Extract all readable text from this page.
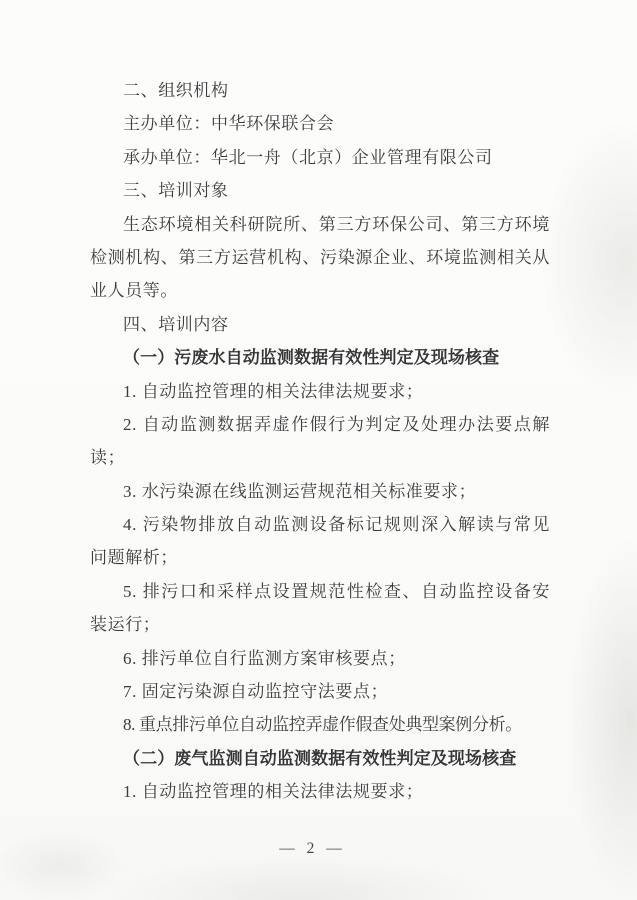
二、组织机构
主办单位：中华环保联合会
承办单位：华北一舟（北京）企业管理有限公司
三、培训对象
生态环境相关科研院所、第三方环保公司、第三方环境
检测机构、第三方运营机构、污染源企业、环境监测相关从
业人员等。
四、培训内容
（一）污废水自动监测数据有效性判定及现场核查
1. 自动监控管理的相关法律法规要求；
2. 自动监测数据弄虚作假行为判定及处理办法要点解
读；
3. 水污染源在线监测运营规范相关标准要求；
4. 污染物排放自动监测设备标记规则深入解读与常见
问题解析；
5. 排污口和采样点设置规范性检查、自动监控设备安
装运行；
6. 排污单位自行监测方案审核要点；
7. 固定污染源自动监控守法要点；
8. 重点排污单位自动监控弄虚作假查处典型案例分析。
（二）废气监测自动监测数据有效性判定及现场核查
1. 自动监控管理的相关法律法规要求；
— 2 —
